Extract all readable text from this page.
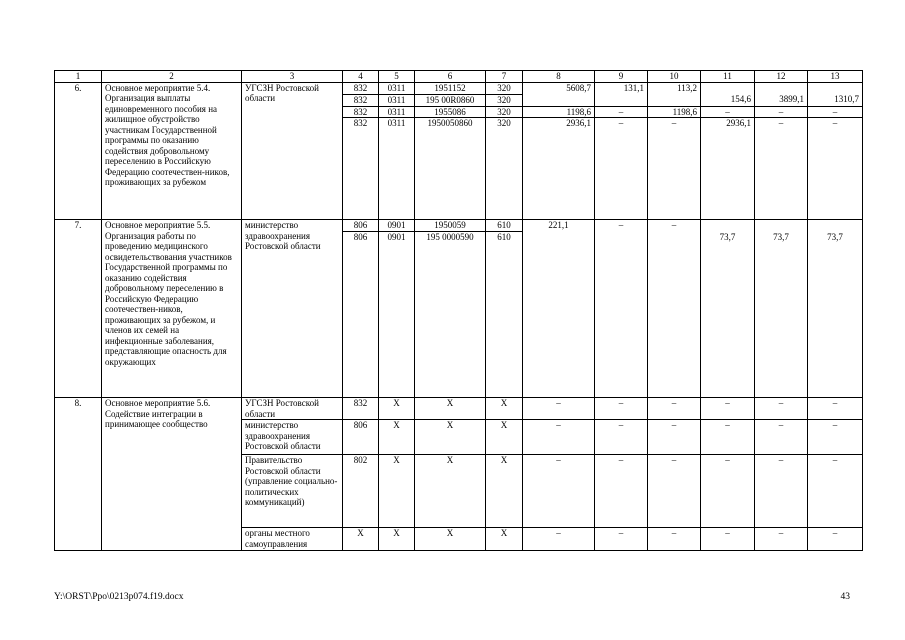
1	2	3	4	5	6	7	8	9	10	11	12	13
6.	Основное мероприятие 5.4. Организация выплаты единовременного пособия на жилищное обустройство участникам Государственной программы по оказанию содействия добровольному переселению в Российскую Федерацию соотечествен-ников, проживающих за рубежом	УГСЗН Ростовской области	832	0311	1951152	320	5608,7	131,1	113,2			
			832	0311	195 00R0860	320				154,6	3899,1	1310,7
			832	0311	1955086	320	1198,6	–	1198,6	–	–	–
			832	0311	1950050860	320	2936,1	–	–	2936,1	–	–
7.	Основное мероприятие 5.5. Организация работы по проведению медицинского освидетельствования участников Государственной программы по оказанию содействия добровольному переселению в Российскую Федерацию соотечествен-ников, проживающих за рубежом, и членов их семей на инфекционные заболевания, представляющие опасность для окружающих	министерство здравоохранения Ростовской области	806	0901	1950059	610	221,1	–	–			
			806	0901	195 0000590	610				73,7	73,7	73,7
8.	Основное мероприятие 5.6. Содействие интеграции в принимающее сообщество	УГСЗН Ростовской области	832	Х	Х	Х	–	–	–	–	–	–
		министерство здравоохранения Ростовской области	806	Х	Х	Х	–	–	–	–	–	–
		Правительство Ростовской области (управление социально-политических коммуникаций)	802	Х	Х	Х	–	–	–	–	–	–
		органы местного самоуправления	Х	Х	Х	Х	–	–	–	–	–	–
Y:\ORST\Ppo\0213p074.f19.docx	43
